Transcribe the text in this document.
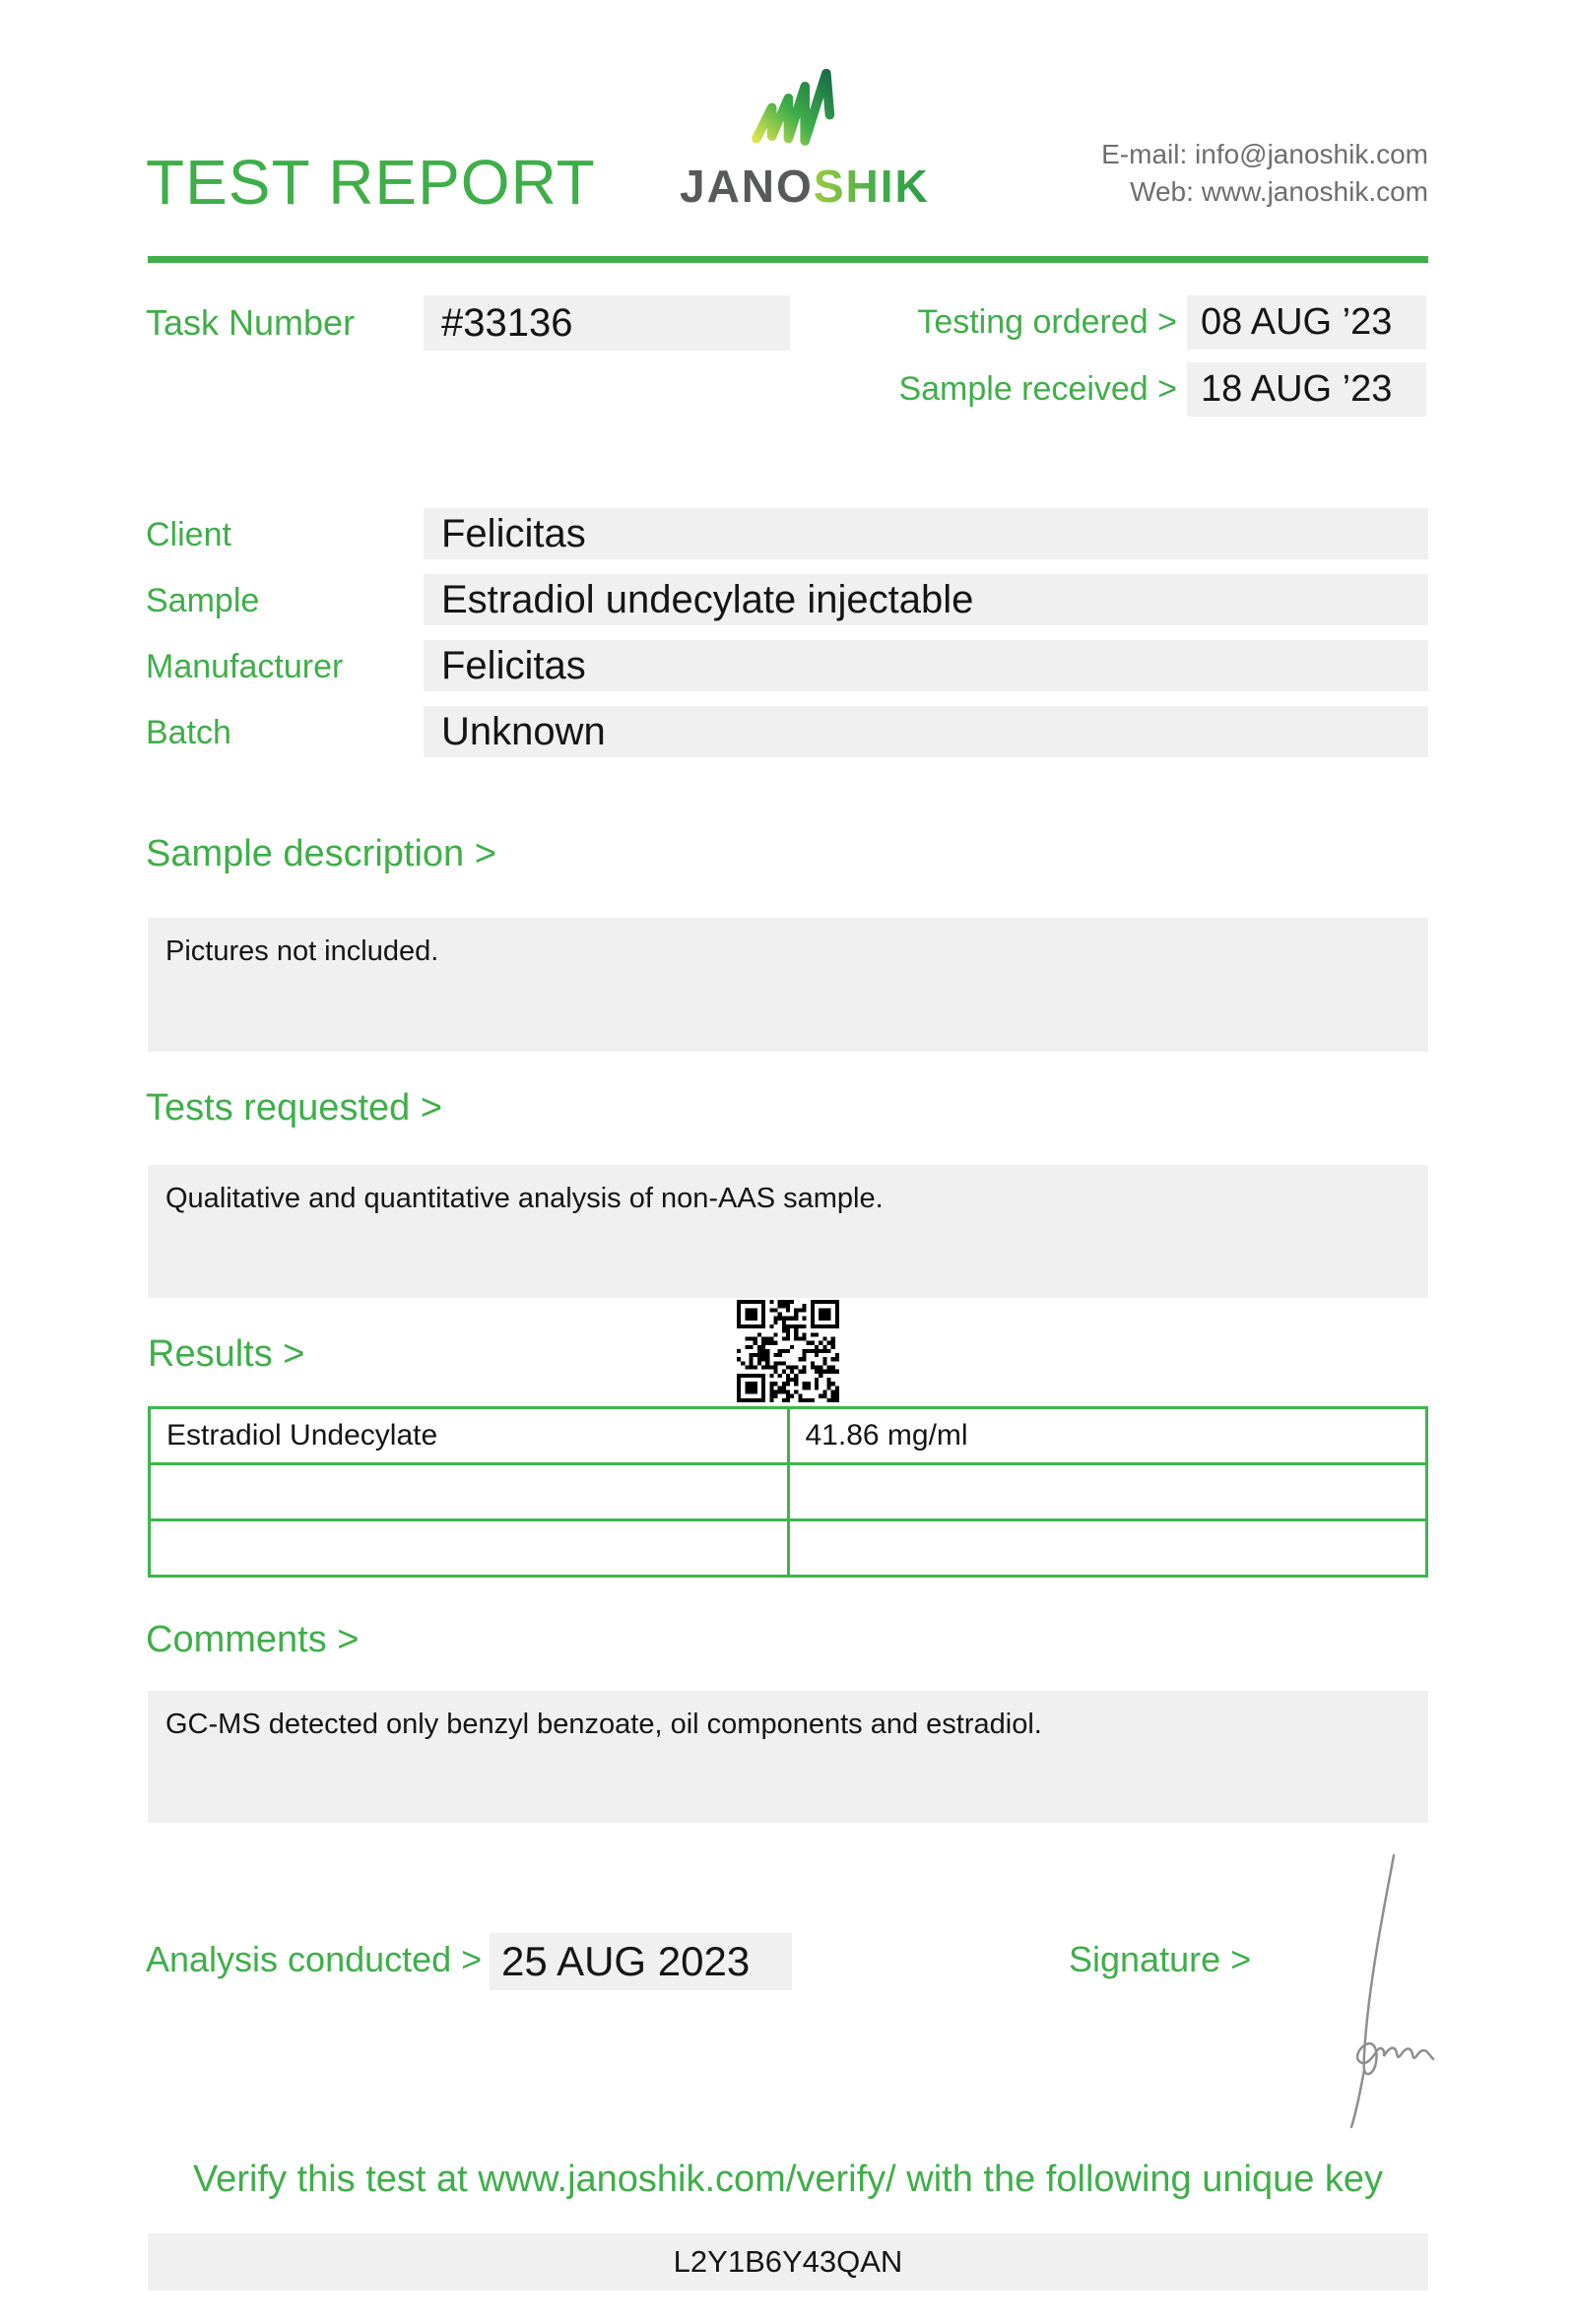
TEST REPORT JANOSHIK
E-mail: info@janoshik.com
Web: www.janoshik.com
Task Number	#33136	Testing ordered > 08 AUG ’23
Sample received > 18 AUG ’23
Client	Felicitas
Sample	Estradiol undecylate injectable
Manufacturer	Felicitas
Batch	Unknown
Sample description >
Pictures not included.
Tests requested >
Qualitative and quantitative analysis of non-AAS sample.
Results >
Estradiol Undecylate	41.86 mg/ml

Comments >
GC-MS detected only benzyl benzoate, oil components and estradiol.
Analysis conducted > 25 AUG 2023	Signature >
Verify this test at www.janoshik.com/verify/ with the following unique key
L2Y1B6Y43QAN
